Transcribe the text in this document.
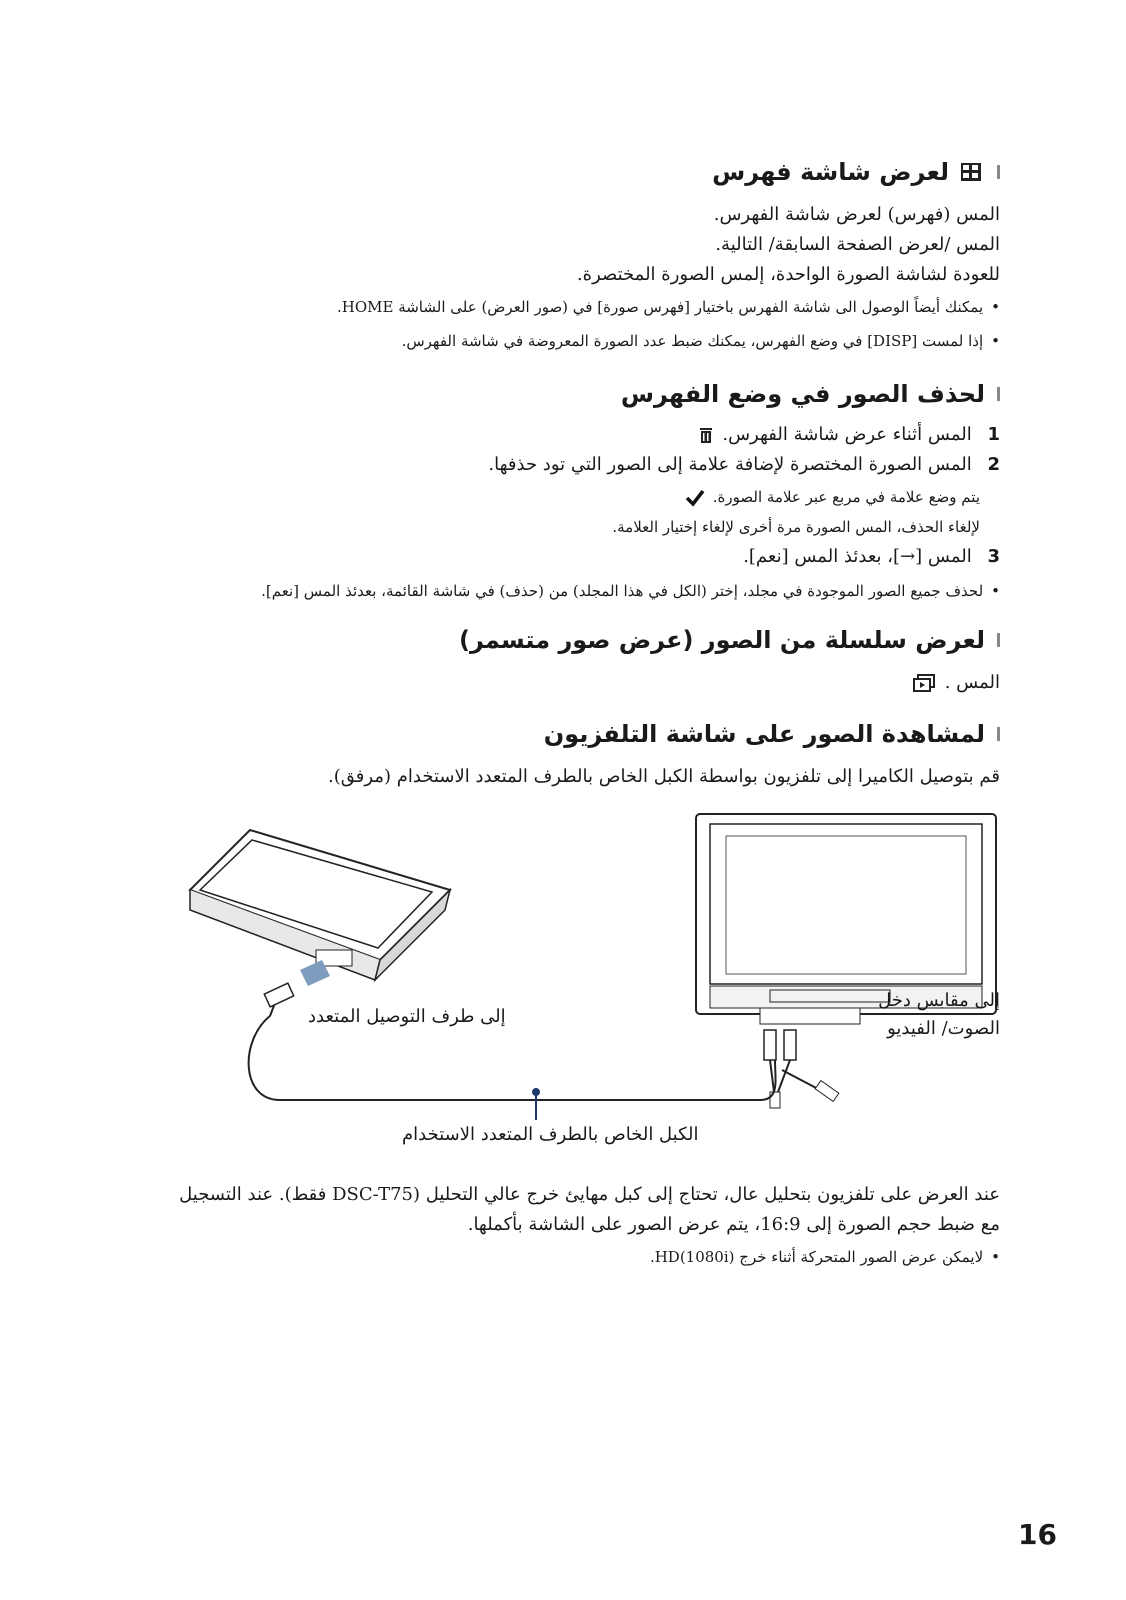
لعرض شاشة فهرس
المس (فهرس) لعرض شاشة الفهرس.
المس /لعرض الصفحة السابقة/ التالية.
للعودة لشاشة الصورة الواحدة، إلمس الصورة المختصرة.
• يمكنك أيضاً الوصول الى شاشة الفهرس باختيار [فهرس صورة] في (صور العرض) على الشاشة HOME.
• إذا لمست [DISP] في وضع الفهرس، يمكنك ضبط عدد الصورة المعروضة في شاشة الفهرس.
لحذف الصور في وضع الفهرس
1 المس أثناء عرض شاشة الفهرس.
2 المس الصورة المختصرة لإضافة علامة إلى الصور التي تود حذفها.
يتم وضع علامة في مربع عبر علامة الصورة.
لإلغاء الحذف، المس الصورة مرة أخرى لإلغاء إختيار العلامة.
3 المس [→]، بعدئذ المس [نعم].
• لحذف جميع الصور الموجودة في مجلد، إختر (الكل في هذا المجلد) من (حذف) في شاشة القائمة، بعدئذ المس [نعم].
لعرض سلسلة من الصور (عرض صور متسمر)
المس .
لمشاهدة الصور على شاشة التلفزيون
قم بتوصيل الكاميرا إلى تلفزيون بواسطة الكبل الخاص بالطرف المتعدد الاستخدام (مرفق).
إلى مقابس دخل
الصوت/ الفيديو
إلى طرف التوصيل المتعدد
الكبل الخاص بالطرف المتعدد الاستخدام
عند العرض على تلفزيون بتحليل عال، تحتاج إلى كبل مهايئ خرج عالي التحليل (DSC-T75 فقط). عند التسجيل
مع ضبط حجم الصورة إلى 16:9، يتم عرض الصور على الشاشة بأكملها.
• لايمكن عرض الصور المتحركة أثناء خرج HD(1080i).
16
